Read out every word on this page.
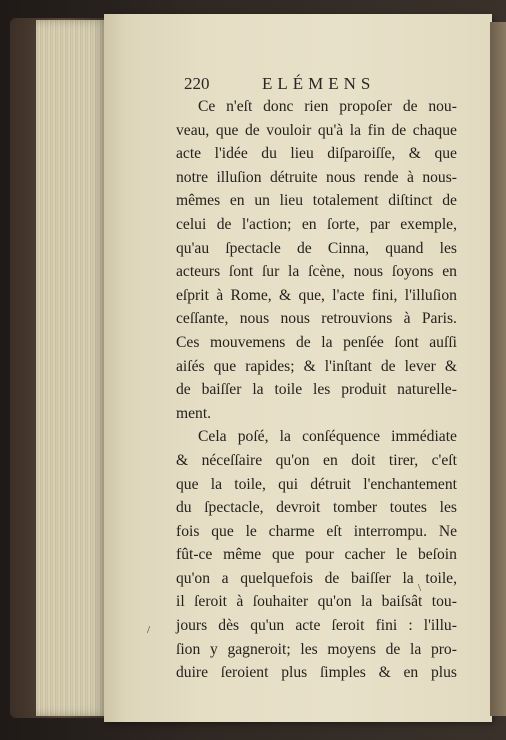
220	ELÉMENS
Ce n'eſt donc rien propoſer de nou-
veau, que de vouloir qu'à la fin de chaque
acte l'idée du lieu diſparoiſſe, & que
notre illuſion détruite nous rende à nous-
mêmes en un lieu totalement diſtinct de
celui de l'action; en ſorte, par exemple,
qu'au ſpectacle de Cinna, quand les
acteurs ſont ſur la ſcène, nous ſoyons en
eſprit à Rome, & que, l'acte fini, l'illuſion
ceſſante, nous nous retrouvions à Paris.
Ces mouvemens de la penſée ſont auſſi
aiſés que rapides; & l'inſtant de lever &
de baiſſer la toile les produit naturelle-
ment.
Cela poſé, la conſéquence immédiate
& néceſſaire qu'on en doit tirer, c'eſt
que la toile, qui détruit l'enchantement
du ſpectacle, devroit tomber toutes les
fois que le charme eſt interrompu. Ne
fût-ce même que pour cacher le beſoin
qu'on a quelquefois de baiſſer la toile,
il ſeroit à ſouhaiter qu'on la baiſsât tou-
jours dès qu'un acte ſeroit fini : l'illu-
ſion y gagneroit; les moyens de la pro-
duire ſeroient plus ſimples & en plus
/
\
